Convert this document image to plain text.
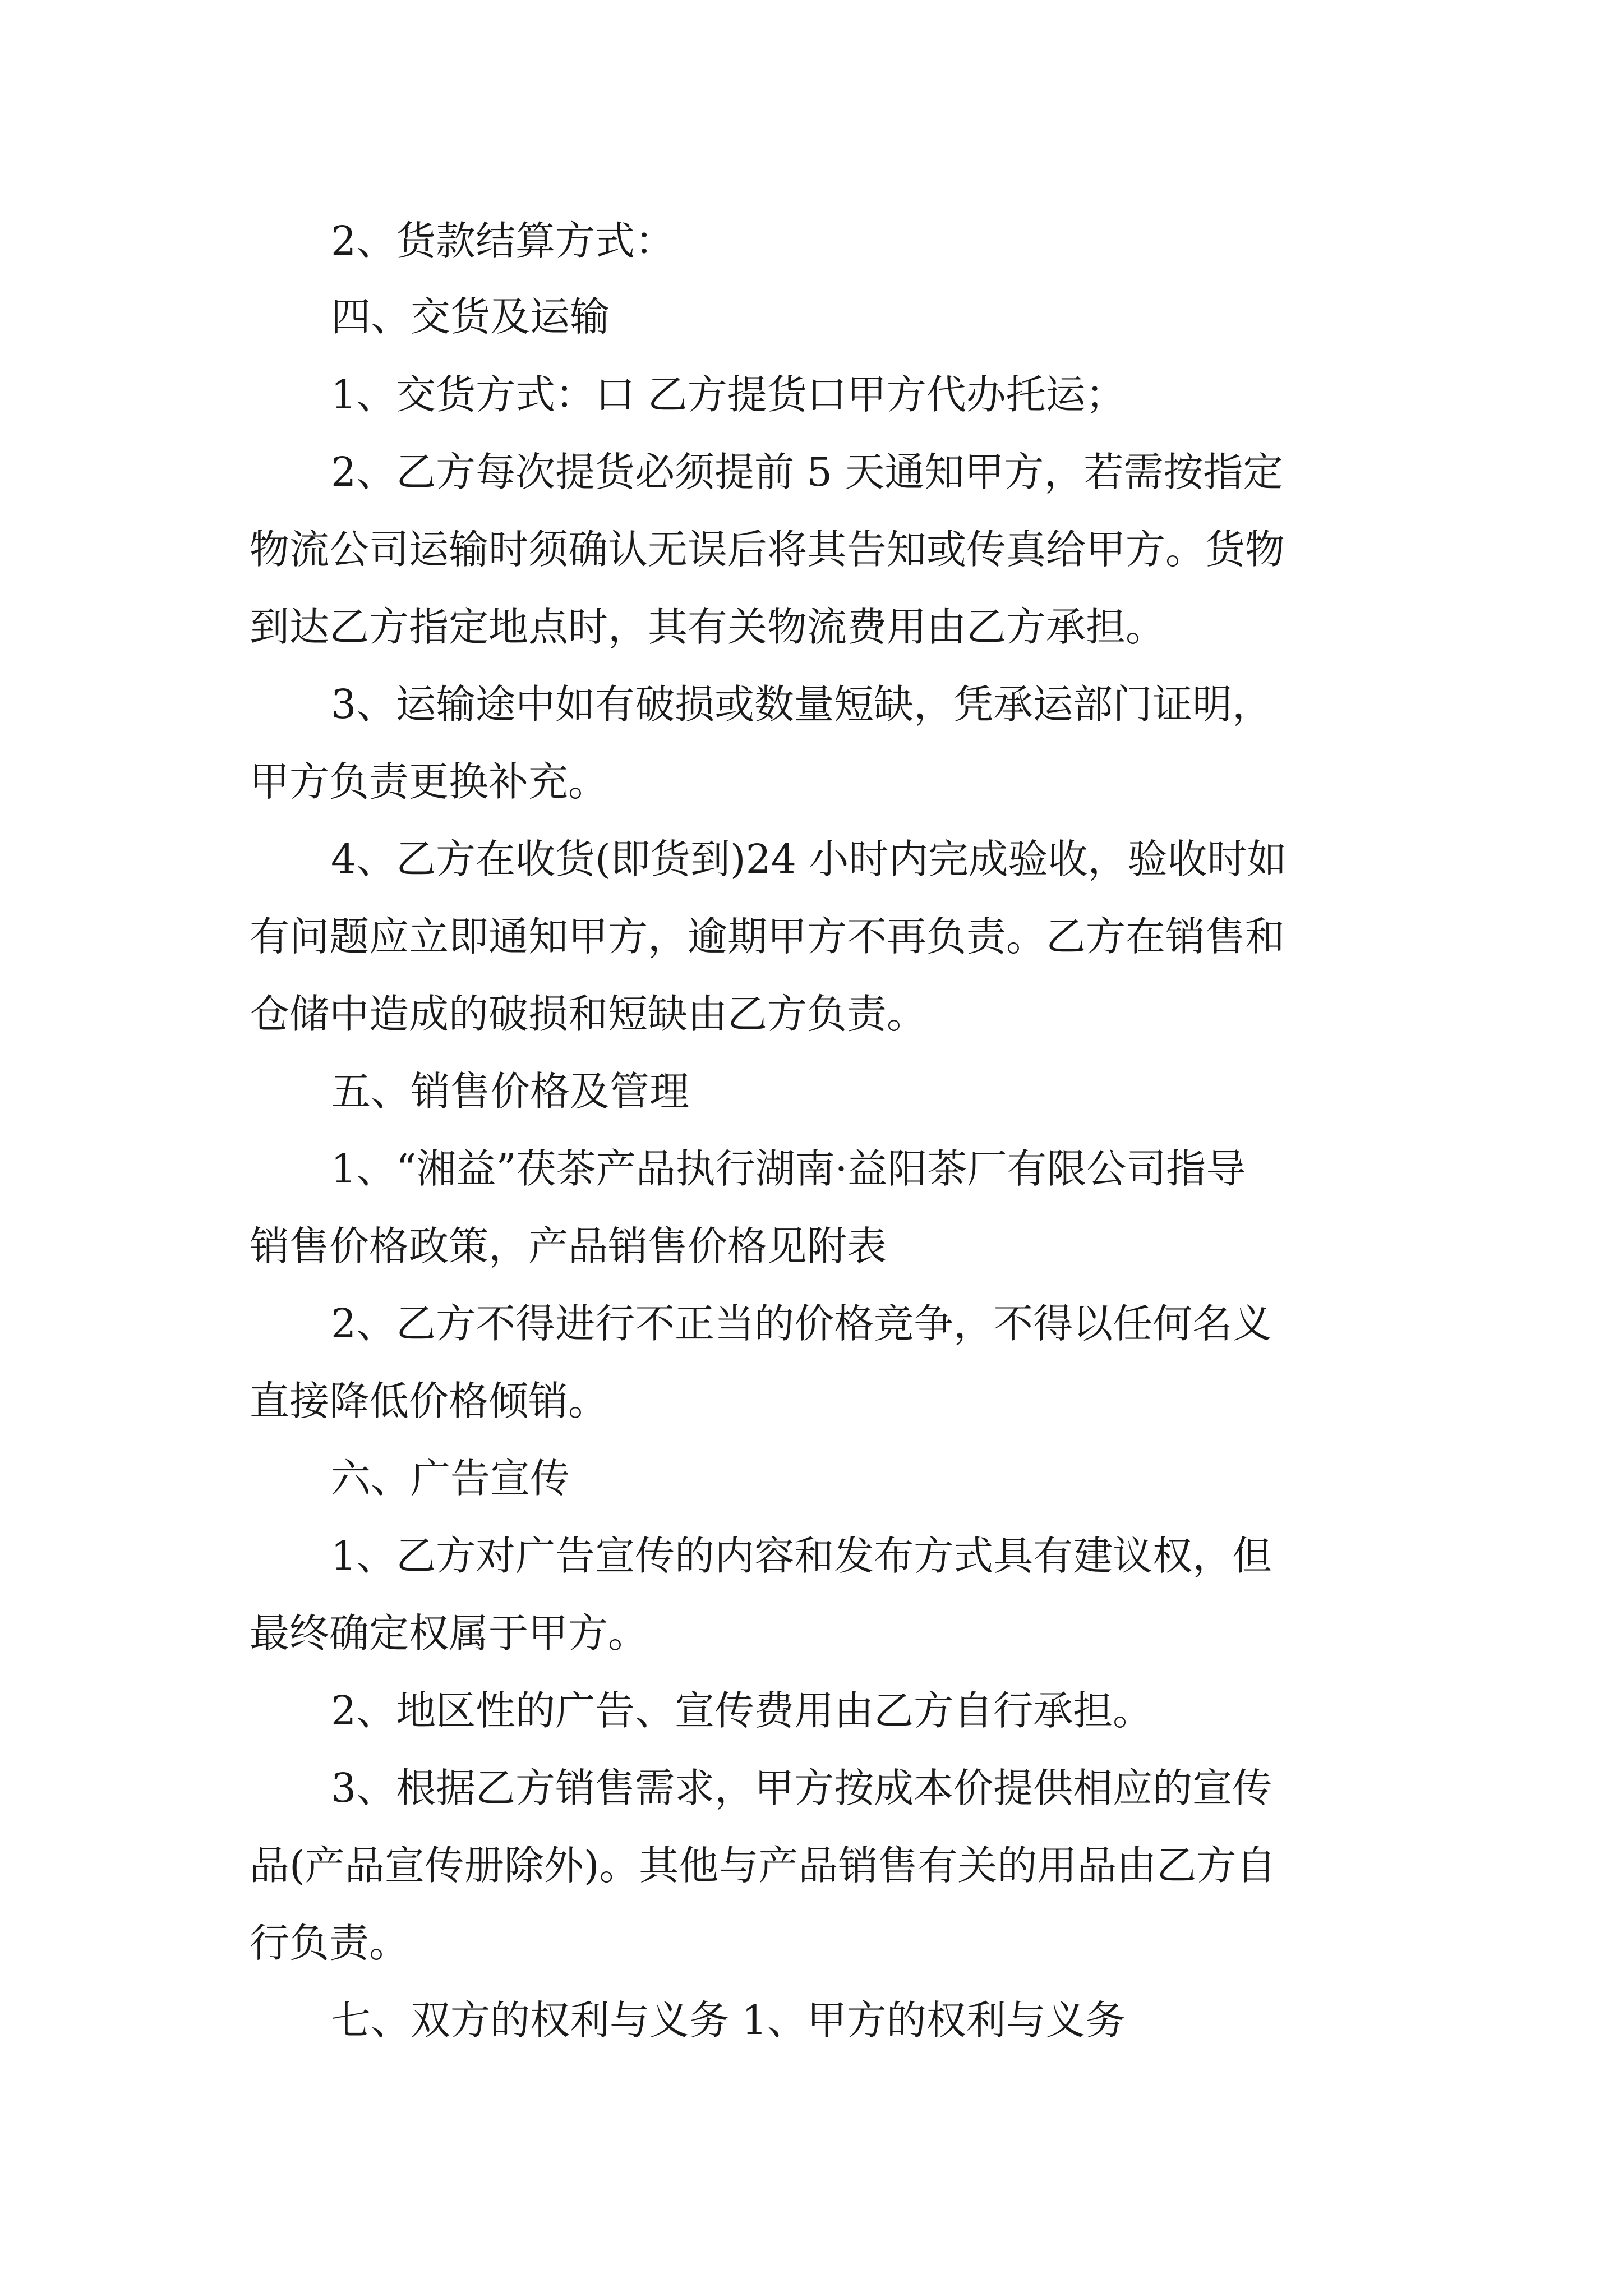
2、货款结算方式：
四、交货及运输
1、交货方式：口 乙方提货口甲方代办托运；
2、乙方每次提货必须提前 5 天通知甲方，若需按指定
物流公司运输时须确认无误后将其告知或传真给甲方。货物
到达乙方指定地点时，其有关物流费用由乙方承担。
3、运输途中如有破损或数量短缺，凭承运部门证明，
甲方负责更换补充。
4、乙方在收货(即货到)24 小时内完成验收，验收时如
有问题应立即通知甲方，逾期甲方不再负责。乙方在销售和
仓储中造成的破损和短缺由乙方负责。
五、销售价格及管理
1、“湘益”茯茶产品执行湖南·益阳茶厂有限公司指导
销售价格政策，产品销售价格见附表
2、乙方不得进行不正当的价格竞争，不得以任何名义
直接降低价格倾销。
六、广告宣传
1、乙方对广告宣传的内容和发布方式具有建议权，但
最终确定权属于甲方。
2、地区性的广告、宣传费用由乙方自行承担。
3、根据乙方销售需求，甲方按成本价提供相应的宣传
品(产品宣传册除外)。其他与产品销售有关的用品由乙方自
行负责。
七、双方的权利与义务 1、甲方的权利与义务
